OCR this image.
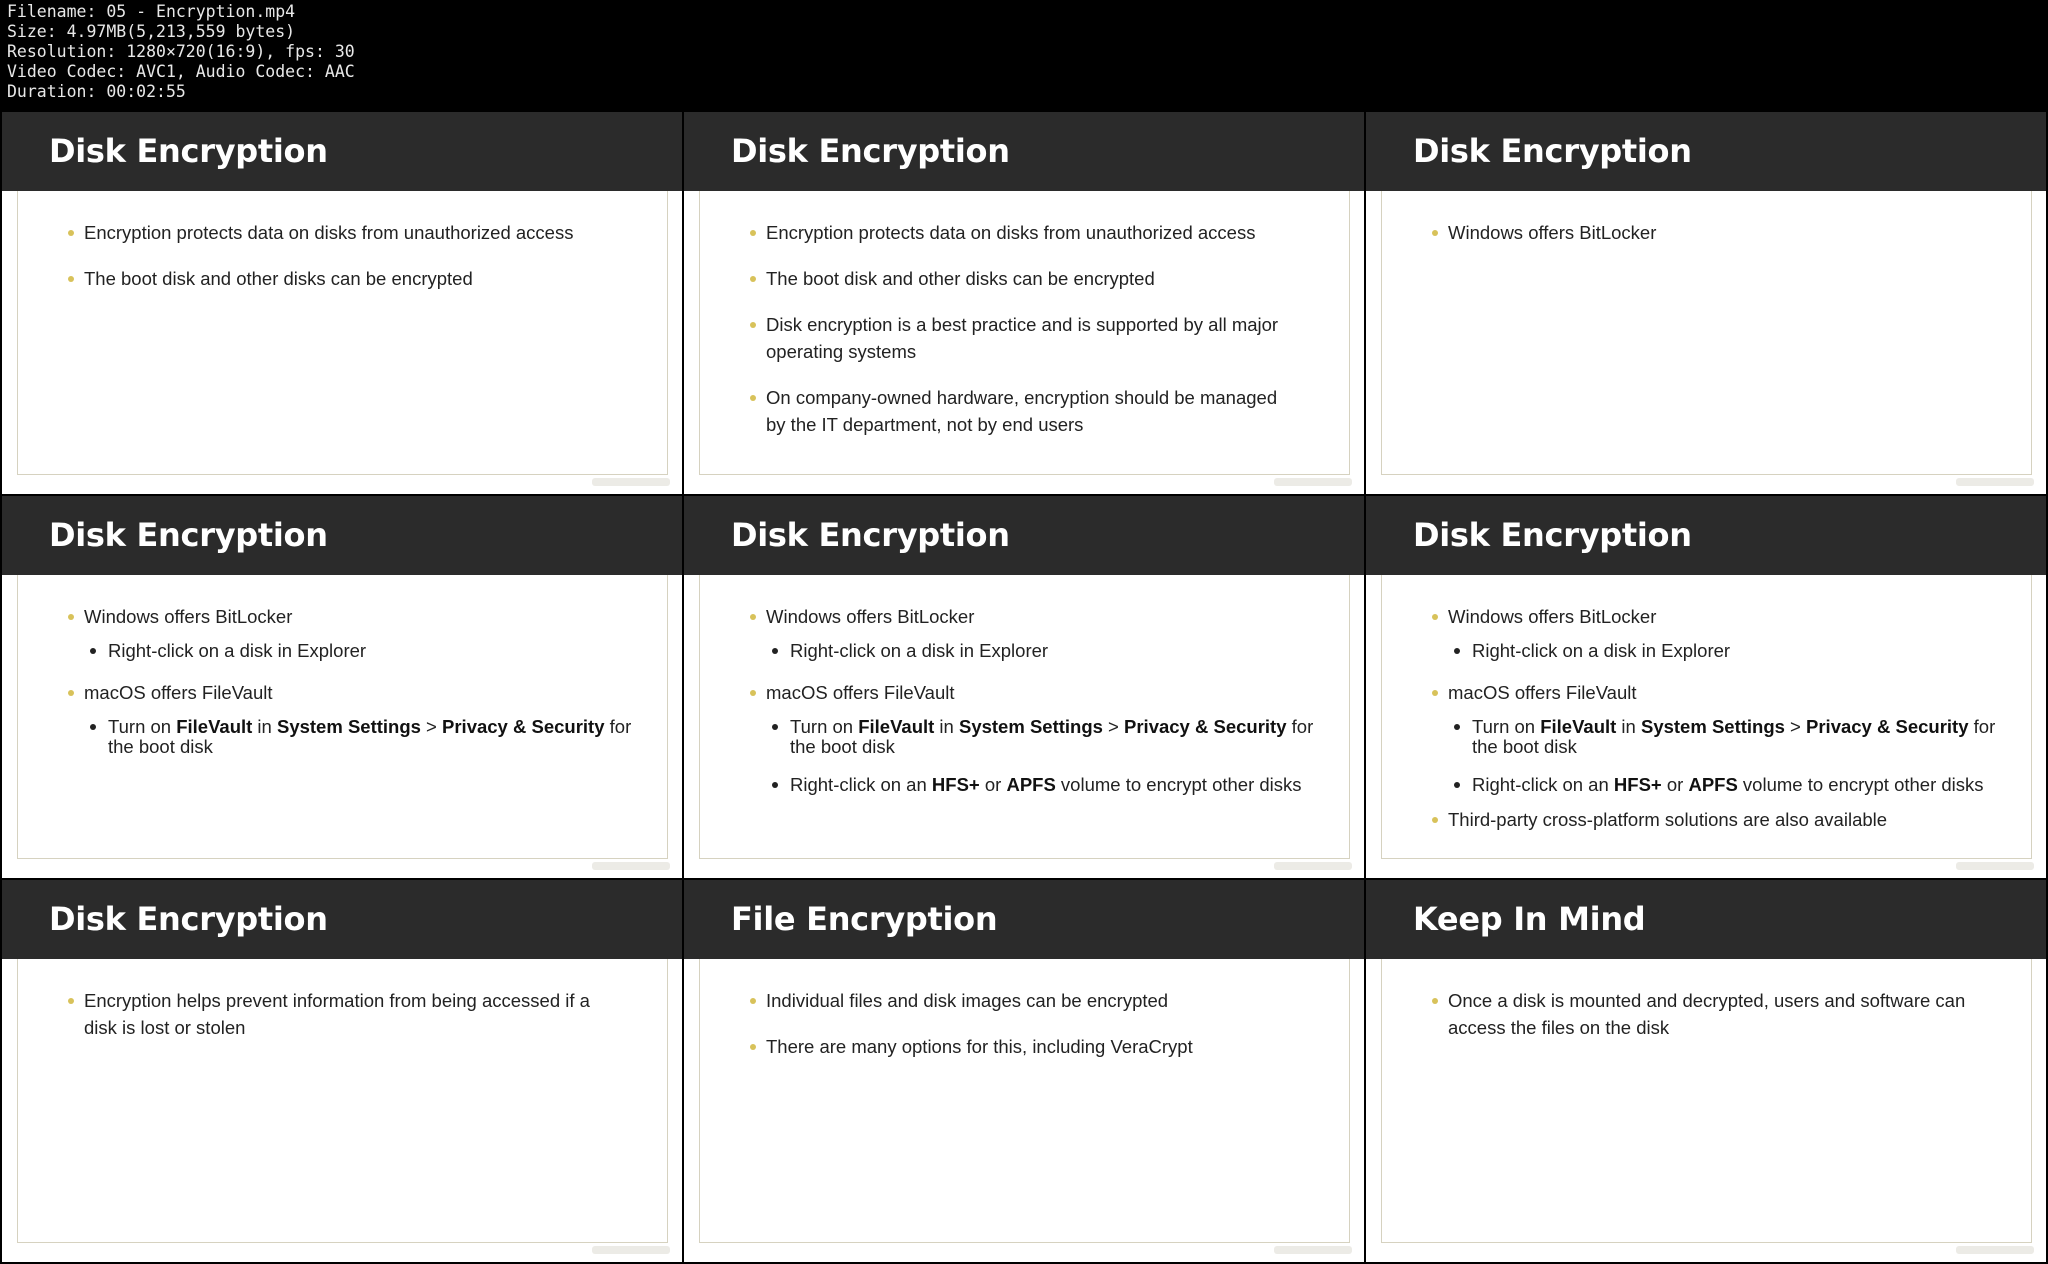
Filename: 05 - Encryption.mp4
Size: 4.97MB(5,213,559 bytes)
Resolution: 1280×720(16:9), fps: 30
Video Codec: AVC1, Audio Codec: AAC
Duration: 00:02:55
Disk Encryption
Encryption protects data on disks from unauthorized access
The boot disk and other disks can be encrypted
Disk Encryption
Encryption protects data on disks from unauthorized access
The boot disk and other disks can be encrypted
Disk encryption is a best practice and is supported by all major operating systems
On company-owned hardware, encryption should be managed by the IT department, not by end users
Disk Encryption
Windows offers BitLocker
Disk Encryption
Windows offers BitLocker
Right-click on a disk in Explorer
macOS offers FileVault
Turn on FileVault in System Settings > Privacy & Security for the boot disk
Disk Encryption
Windows offers BitLocker
Right-click on a disk in Explorer
macOS offers FileVault
Turn on FileVault in System Settings > Privacy & Security for the boot disk
Right-click on an HFS+ or APFS volume to encrypt other disks
Disk Encryption
Windows offers BitLocker
Right-click on a disk in Explorer
macOS offers FileVault
Turn on FileVault in System Settings > Privacy & Security for the boot disk
Right-click on an HFS+ or APFS volume to encrypt other disks
Third-party cross-platform solutions are also available
Disk Encryption
Encryption helps prevent information from being accessed if a disk is lost or stolen
File Encryption
Individual files and disk images can be encrypted
There are many options for this, including VeraCrypt
Keep In Mind
Once a disk is mounted and decrypted, users and software can access the files on the disk
